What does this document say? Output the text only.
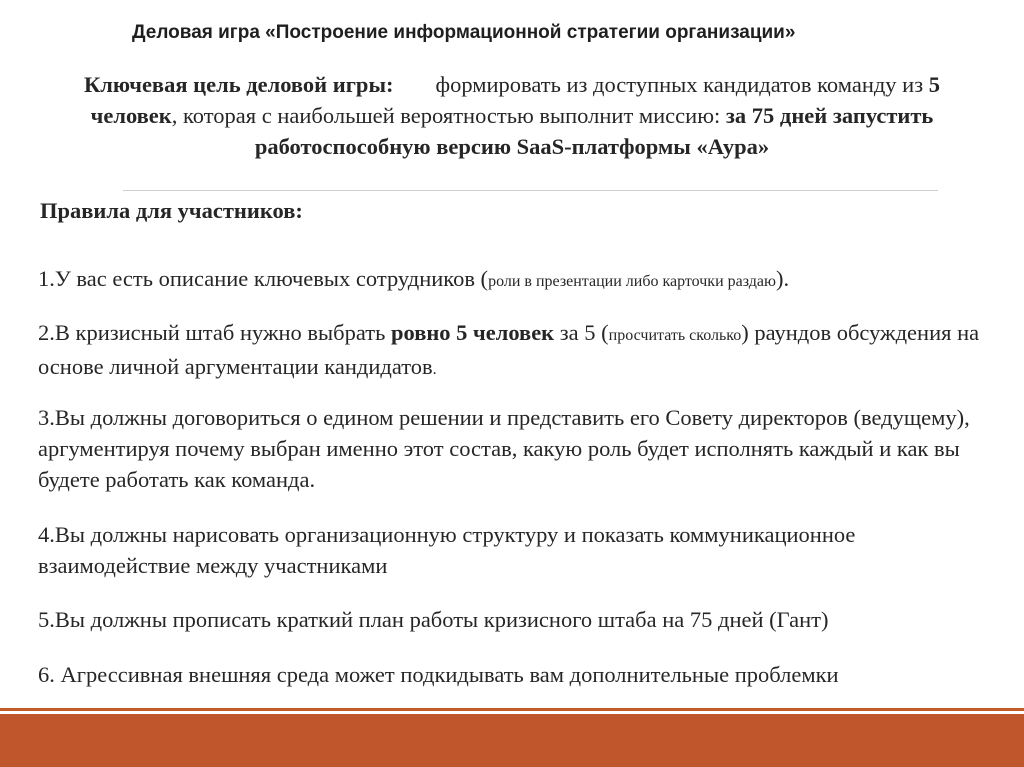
Деловая игра «Построение информационной стратегии организации»
Ключевая цель деловой игры: формировать из доступных кандидатов команду из 5 человек, которая с наибольшей вероятностью выполнит миссию: за 75 дней запустить работоспособную версию SaaS-платформы «Аура»
Правила для участников:
1.У вас есть описание ключевых сотрудников (роли в презентации либо карточки раздаю).
2.В кризисный штаб нужно выбрать ровно 5 человек за 5 (просчитать сколько) раундов обсуждения на основе личной аргументации кандидатов.
3.Вы должны договориться о едином решении и представить его Совету директоров (ведущему), аргументируя почему выбран именно этот состав, какую роль будет исполнять каждый и как вы будете работать как команда.
4.Вы должны нарисовать организационную структуру и показать коммуникационное взаимодействие между участниками
5.Вы должны прописать краткий план работы кризисного штаба на 75 дней (Гант)
6. Агрессивная внешняя среда может подкидывать вам дополнительные проблемки
